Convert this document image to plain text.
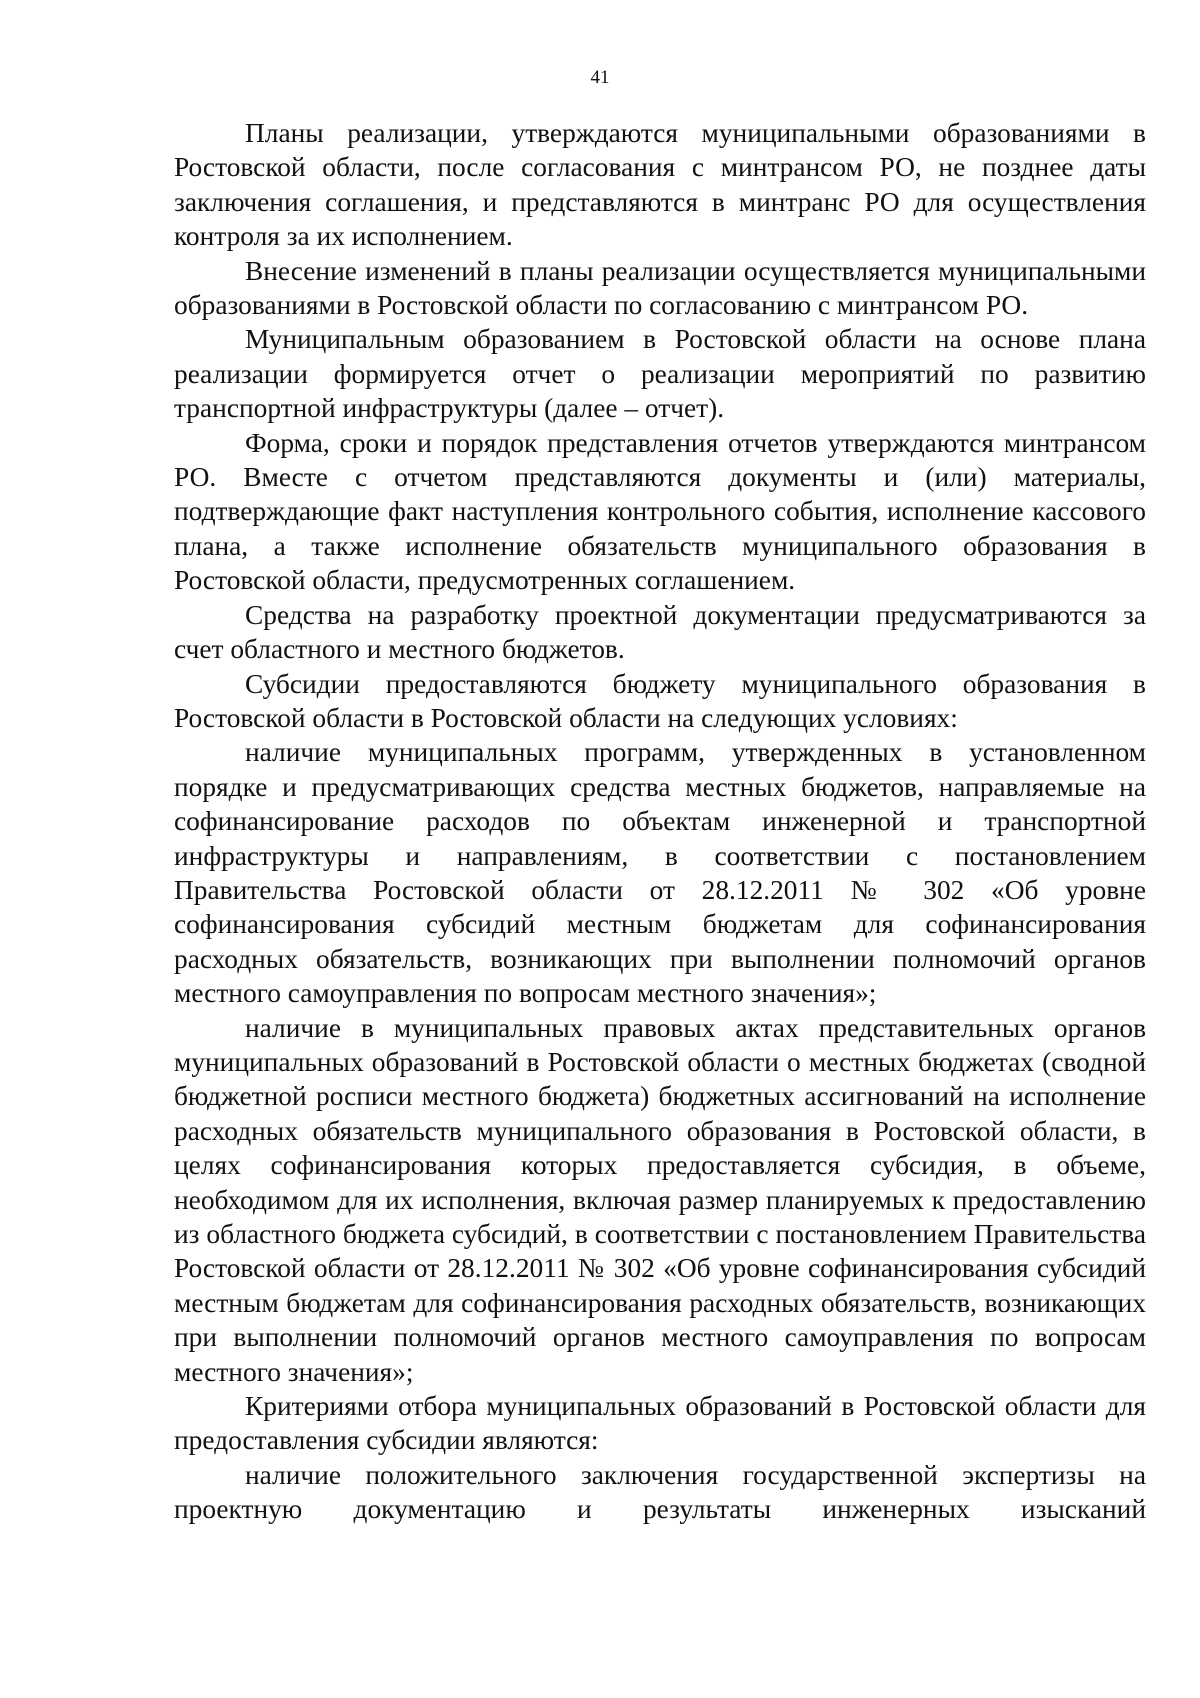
41

Планы реализации, утверждаются муниципальными образованиями в Ростовской области, после согласования с минтрансом РО, не позднее даты заключения соглашения, и представляются в минтранс РО для осуществления контроля за их исполнением.

Внесение изменений в планы реализации осуществляется муниципальными образованиями в Ростовской области по согласованию с минтрансом РО.

Муниципальным образованием в Ростовской области на основе плана реализации формируется отчет о реализации мероприятий по развитию транспортной инфраструктуры (далее – отчет).

Форма, сроки и порядок представления отчетов утверждаются минтрансом РО. Вместе с отчетом представляются документы и (или) материалы, подтверждающие факт наступления контрольного события, исполнение кассового плана, а также исполнение обязательств муниципального образования в Ростовской области, предусмотренных соглашением.

Средства на разработку проектной документации предусматриваются за счет областного и местного бюджетов.

Субсидии предоставляются бюджету муниципального образования в Ростовской области в Ростовской области на следующих условиях:

наличие муниципальных программ, утвержденных в установленном порядке и предусматривающих средства местных бюджетов, направляемые на софинансирование расходов по объектам инженерной и транспортной инфраструктуры и направлениям, в соответствии с постановлением Правительства Ростовской области от 28.12.2011 № 302 «Об уровне софинансирования субсидий местным бюджетам для софинансирования расходных обязательств, возникающих при выполнении полномочий органов местного самоуправления по вопросам местного значения»;

наличие в муниципальных правовых актах представительных органов муниципальных образований в Ростовской области о местных бюджетах (сводной бюджетной росписи местного бюджета) бюджетных ассигнований на исполнение расходных обязательств муниципального образования в Ростовской области, в целях софинансирования которых предоставляется субсидия, в объеме, необходимом для их исполнения, включая размер планируемых к предоставлению из областного бюджета субсидий, в соответствии с постановлением Правительства Ростовской области от 28.12.2011 № 302 «Об уровне софинансирования субсидий местным бюджетам для софинансирования расходных обязательств, возникающих при выполнении полномочий органов местного самоуправления по вопросам местного значения»;

Критериями отбора муниципальных образований в Ростовской области для предоставления субсидии являются:

наличие положительного заключения государственной экспертизы на проектную документацию и результаты инженерных изысканий
